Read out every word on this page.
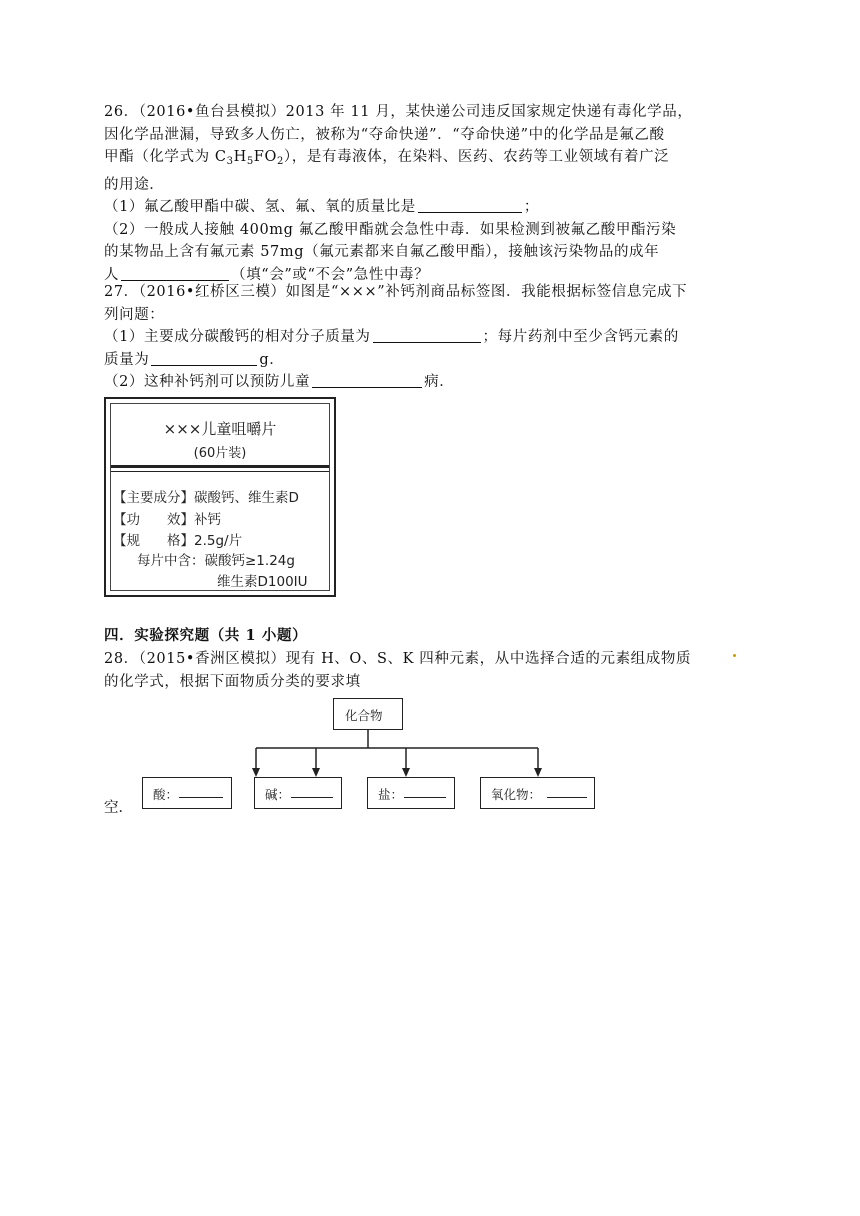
26．（2016•鱼台县模拟）2013 年 11 月，某快递公司违反国家规定快递有毒化学品，
因化学品泄漏，导致多人伤亡，被称为“夺命快递”．“夺命快递”中的化学品是氟乙酸
甲酯（化学式为 $C_3H_5FO_2$），是有毒液体，在染料、医药、农药等工业领域有着广泛
的用途．
（1）氟乙酸甲酯中碳、氢、氟、氧的质量比是	；
（2）一般成人接触 400mg 氟乙酸甲酯就会急性中毒．如果检测到被氟乙酸甲酯污染
的某物品上含有氟元素 57mg（氟元素都来自氟乙酸甲酯），接触该污染物品的成年
人	（填“会”或“不会”急性中毒？
27．（2016•红桥区三模）如图是“×××”补钙剂商品标签图．我能根据标签信息完成下
列问题：
（1）主要成分碳酸钙的相对分子质量为	；每片药剂中至少含钙元素的
质量为	g．
（2）这种补钙剂可以预防儿童	病．
×××儿童咀嚼片
(60片装)
【主要成分】碳酸钙、维生素D
【功　　效】补钙
【规　　格】2.5g/片
每片中含：碳酸钙≥1.24g
维生素D100IU
四．实验探究题（共 1 小题）
28．（2015•香洲区模拟）现有 H、O、S、K 四种元素，从中选择合适的元素组成物质
的化学式，根据下面物质分类的要求填
化合物
空．
酸：	碱：	盐：	氧化物：
